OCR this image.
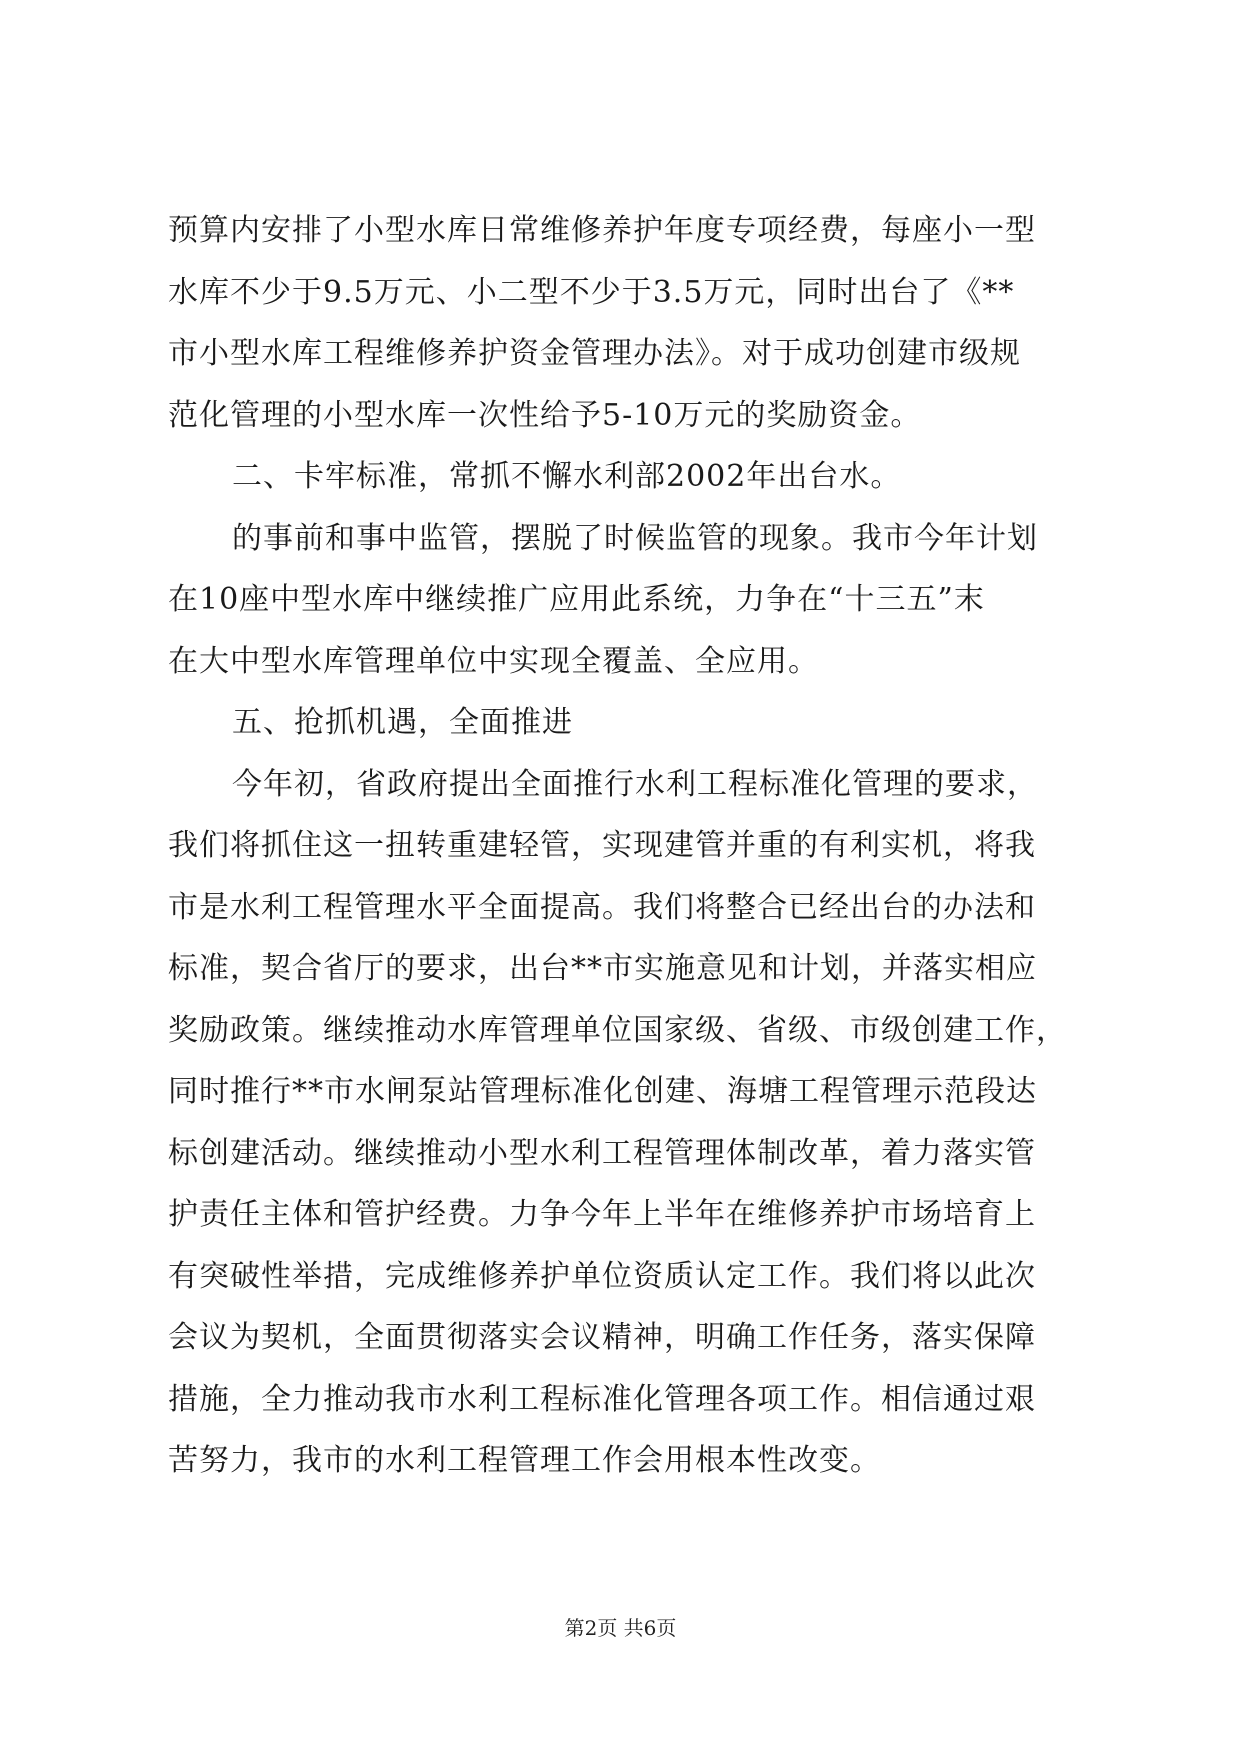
预算内安排了小型水库日常维修养护年度专项经费，每座小一型
水库不少于9.5万元、小二型不少于3.5万元，同时出台了《**
市小型水库工程维修养护资金管理办法》。对于成功创建市级规
范化管理的小型水库一次性给予5-10万元的奖励资金。
二、卡牢标准，常抓不懈水利部2002年出台水。
的事前和事中监管，摆脱了时候监管的现象。我市今年计划
在10座中型水库中继续推广应用此系统，力争在“十三五”末
在大中型水库管理单位中实现全覆盖、全应用。
五、抢抓机遇，全面推进
今年初，省政府提出全面推行水利工程标准化管理的要求，
我们将抓住这一扭转重建轻管，实现建管并重的有利实机，将我
市是水利工程管理水平全面提高。我们将整合已经出台的办法和
标准，契合省厅的要求，出台**市实施意见和计划，并落实相应
奖励政策。继续推动水库管理单位国家级、省级、市级创建工作，
同时推行**市水闸泵站管理标准化创建、海塘工程管理示范段达
标创建活动。继续推动小型水利工程管理体制改革，着力落实管
护责任主体和管护经费。力争今年上半年在维修养护市场培育上
有突破性举措，完成维修养护单位资质认定工作。我们将以此次
会议为契机，全面贯彻落实会议精神，明确工作任务，落实保障
措施，全力推动我市水利工程标准化管理各项工作。相信通过艰
苦努力，我市的水利工程管理工作会用根本性改变。
第2页 共6页
